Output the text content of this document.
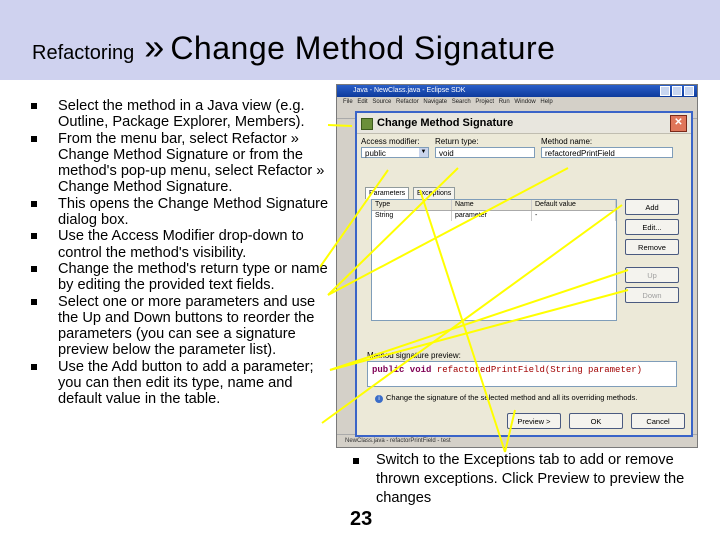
Refactoring » Change Method Signature
Select the method in a Java view (e.g. Outline, Package Explorer, Members).
From the menu bar, select Refactor » Change Method Signature or from the method's pop-up menu, select Refactor » Change Method Signature.
This opens the Change Method Signature dialog box.
Use the Access Modifier drop-down to control the method's visibility.
Change the method's return type or name by editing the provided text fields.
Select one or more parameters and use the Up and Down buttons to reorder the parameters (you can see a signature preview below the parameter list).
Use the Add button to add a parameter; you can then edit its type, name and default value in the table.
Java - NewClass.java - Eclipse SDK
File Edit Source Refactor Navigate Search Project Run Window Help
NewClass.java - refactorPrintField - test
Change Method Signature	✕
Access modifier:
public	▼
Return type:
void
Method name:
refactoredPrintField
Parameters	Exceptions
Type	Name	Default value
String	parameter	-
Add
Edit...
Remove
Up
Down
Method signature preview:
public void refactoredPrintField(String parameter)
i Change the signature of the selected method and all its overriding methods.
Preview >	OK	Cancel
Switch to the Exceptions tab to add or remove thrown exceptions. Click Preview to preview the changes
23
